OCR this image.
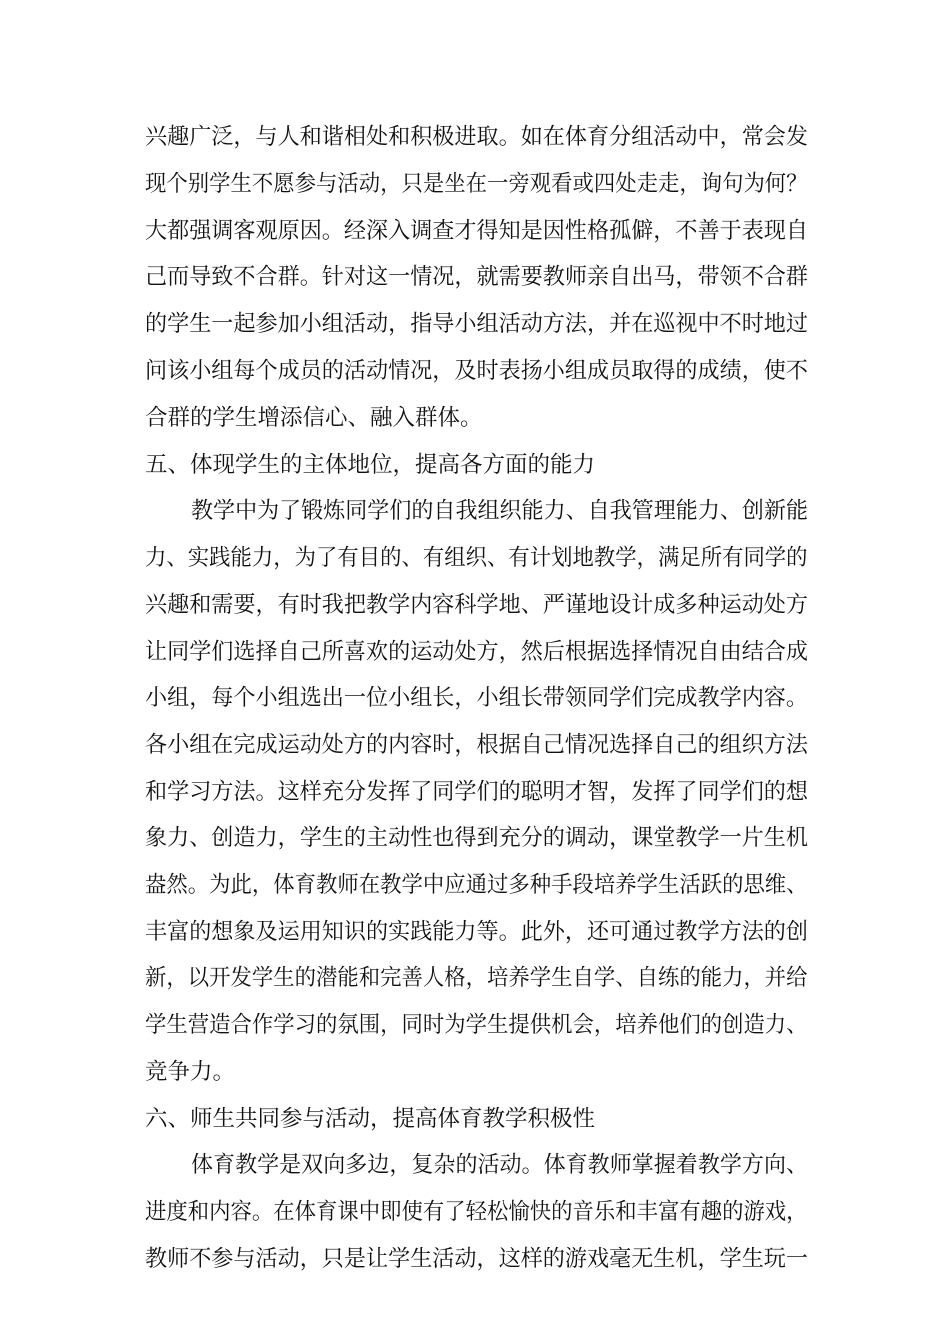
兴趣广泛，与人和谐相处和积极进取。如在体育分组活动中，常会发

现个别学生不愿参与活动，只是坐在一旁观看或四处走走，询句为何？

大都强调客观原因。经深入调查才得知是因性格孤僻，不善于表现自

己而导致不合群。针对这一情况，就需要教师亲自出马，带领不合群

的学生一起参加小组活动，指导小组活动方法，并在巡视中不时地过

问该小组每个成员的活动情况，及时表扬小组成员取得的成绩，使不

合群的学生增添信心、融入群体。

五、体现学生的主体地位，提高各方面的能力

教学中为了锻炼同学们的自我组织能力、自我管理能力、创新能

力、实践能力，为了有目的、有组织、有计划地教学，满足所有同学的

兴趣和需要，有时我把教学内容科学地、严谨地设计成多种运动处方

让同学们选择自己所喜欢的运动处方，然后根据选择情况自由结合成

小组，每个小组选出一位小组长，小组长带领同学们完成教学内容。

各小组在完成运动处方的内容时，根据自己情况选择自己的组织方法

和学习方法。这样充分发挥了同学们的聪明才智，发挥了同学们的想

象力、创造力，学生的主动性也得到充分的调动，课堂教学一片生机

盎然。为此，体育教师在教学中应通过多种手段培养学生活跃的思维、

丰富的想象及运用知识的实践能力等。此外，还可通过教学方法的创

新，以开发学生的潜能和完善人格，培养学生自学、自练的能力，并给

学生营造合作学习的氛围，同时为学生提供机会，培养他们的创造力、

竞争力。

六、师生共同参与活动，提高体育教学积极性

体育教学是双向多边，复杂的活动。体育教师掌握着教学方向、

进度和内容。在体育课中即使有了轻松愉快的音乐和丰富有趣的游戏，

教师不参与活动，只是让学生活动，这样的游戏毫无生机，学生玩一
